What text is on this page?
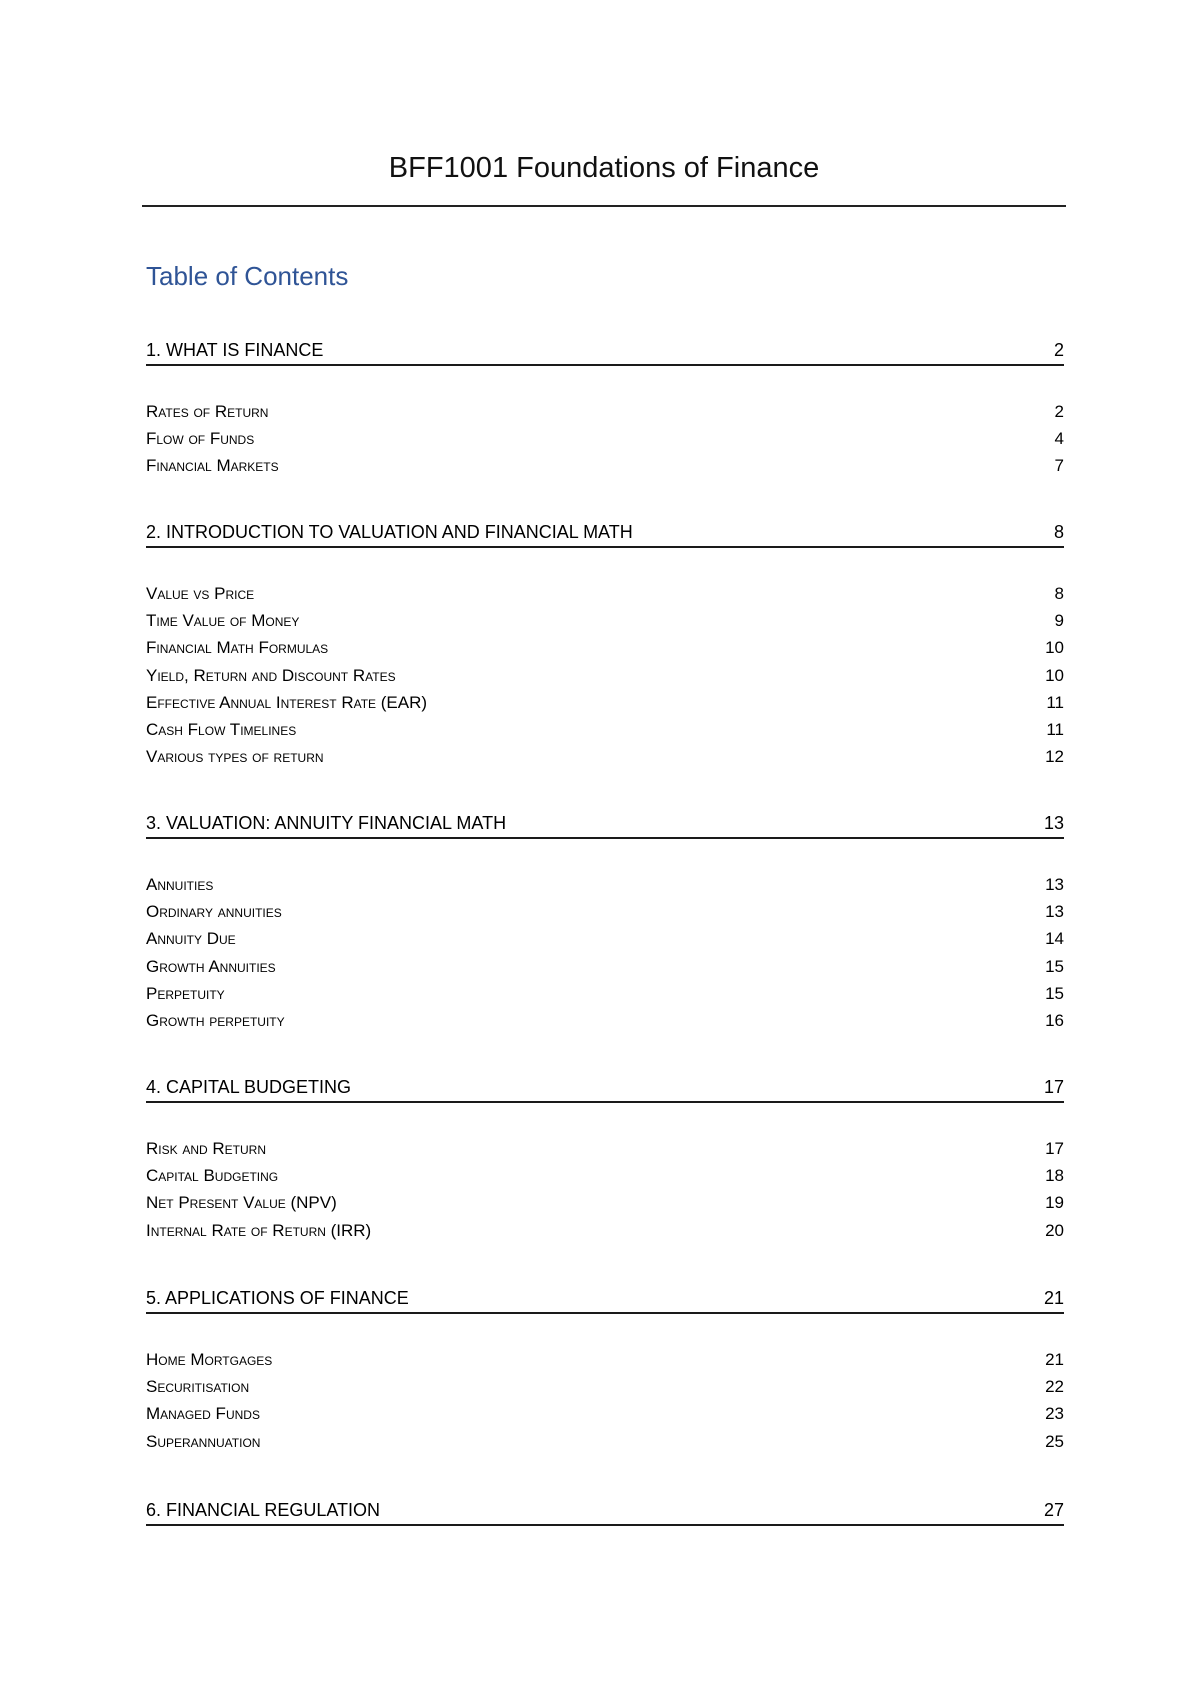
BFF1001 Foundations of Finance
Table of Contents
1. WHAT IS FINANCE	2
Rates of Return	2
Flow of Funds	4
Financial Markets	7
2. INTRODUCTION TO VALUATION AND FINANCIAL MATH	8
Value vs Price	8
Time Value of Money	9
Financial Math Formulas	10
Yield, Return and Discount Rates	10
Effective Annual Interest Rate (EAR)	11
Cash Flow Timelines	11
Various types of return	12
3. VALUATION: ANNUITY FINANCIAL MATH	13
Annuities	13
Ordinary annuities	13
Annuity Due	14
Growth Annuities	15
Perpetuity	15
Growth perpetuity	16
4. CAPITAL BUDGETING	17
Risk and Return	17
Capital Budgeting	18
Net Present Value (NPV)	19
Internal Rate of Return (IRR)	20
5. APPLICATIONS OF FINANCE	21
Home Mortgages	21
Securitisation	22
Managed Funds	23
Superannuation	25
6. FINANCIAL REGULATION	27
